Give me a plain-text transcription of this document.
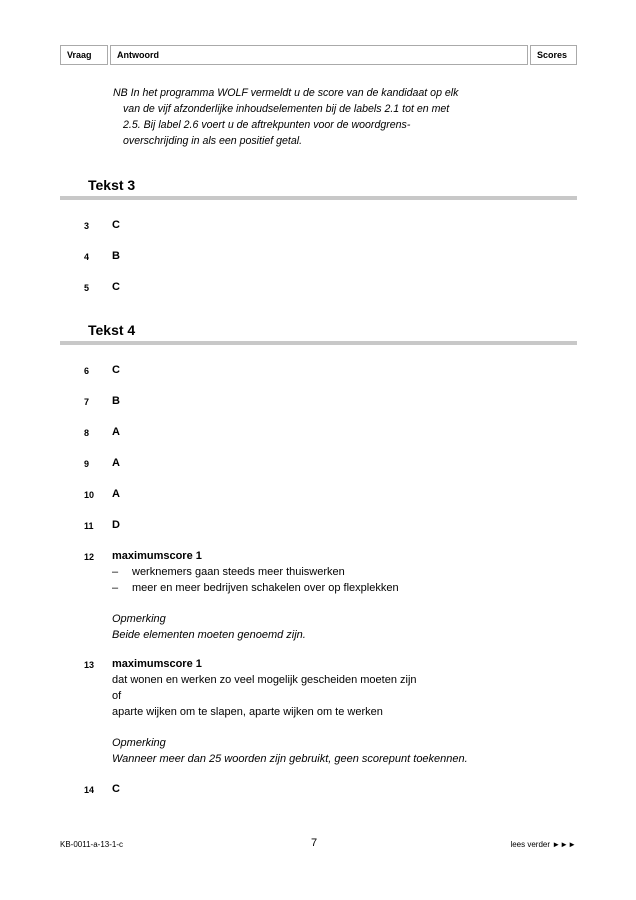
Vraag	Antwoord	Scores
NB In het programma WOLF vermeldt u de score van de kandidaat op elk
van de vijf afzonderlijke inhoudselementen bij de labels 2.1 tot en met
2.5. Bij label 2.6 voert u de aftrekpunten voor de woordgrens-
overschrijding in als een positief getal.
Tekst 3
3	C
4	B
5	C
Tekst 4
6	C
7	B
8	A
9	A
10	A
11	D
12	maximumscore 1
– werknemers gaan steeds meer thuiswerken
– meer en meer bedrijven schakelen over op flexplekken
Opmerking
Beide elementen moeten genoemd zijn.
13	maximumscore 1
dat wonen en werken zo veel mogelijk gescheiden moeten zijn
of
aparte wijken om te slapen, aparte wijken om te werken
Opmerking
Wanneer meer dan 25 woorden zijn gebruikt, geen scorepunt toekennen.
14	C
KB-0011-a-13-1-c	7	lees verder ►►►
